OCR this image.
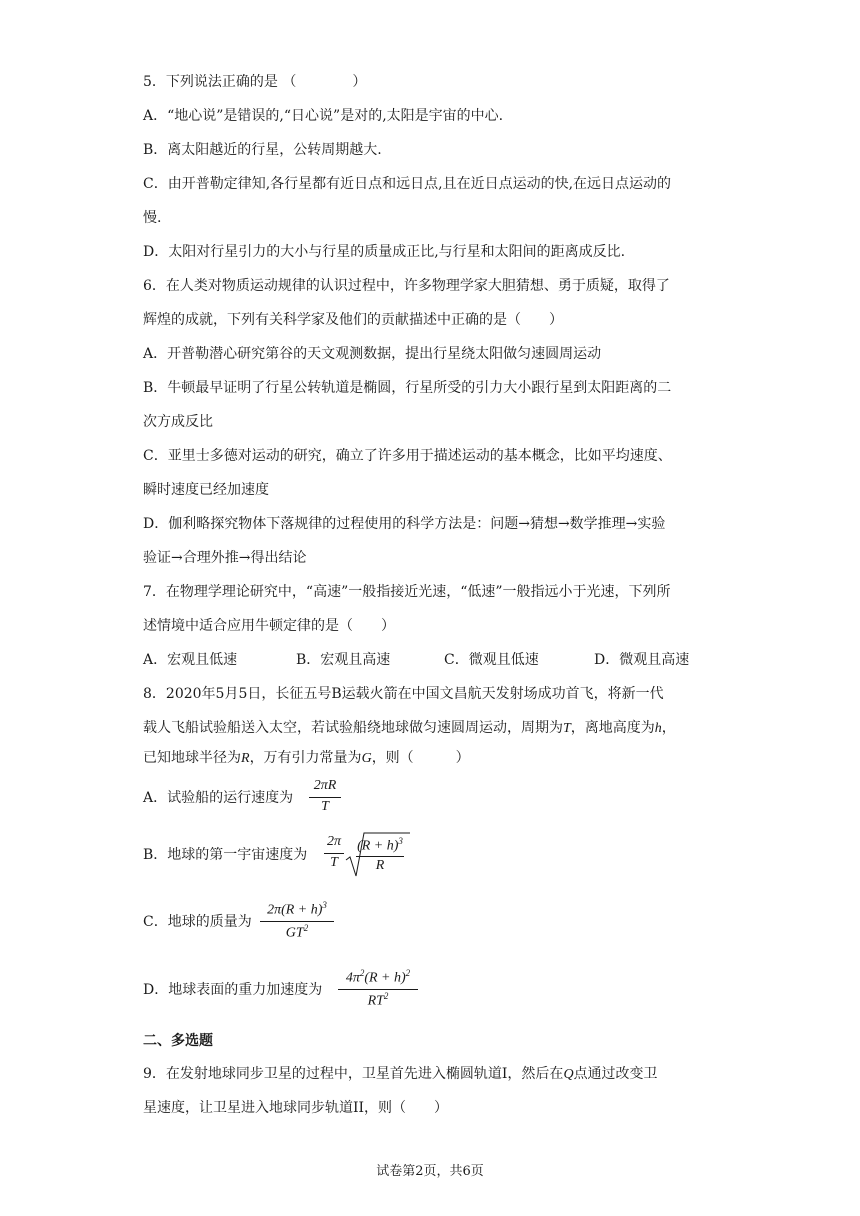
5．下列说法正确的是 （　　　　）
A．“地心说”是错误的,“日心说”是对的,太阳是宇宙的中心.
B．离太阳越近的行星，公转周期越大.
C．由开普勒定律知,各行星都有近日点和远日点,且在近日点运动的快,在远日点运动的
慢.
D．太阳对行星引力的大小与行星的质量成正比,与行星和太阳间的距离成反比.
6．在人类对物质运动规律的认识过程中，许多物理学家大胆猜想、勇于质疑，取得了
辉煌的成就，下列有关科学家及他们的贡献描述中正确的是（　　）
A．开普勒潜心研究第谷的天文观测数据，提出行星绕太阳做匀速圆周运动
B．牛顿最早证明了行星公转轨道是椭圆，行星所受的引力大小跟行星到太阳距离的二
次方成反比
C．亚里士多德对运动的研究，确立了许多用于描述运动的基本概念，比如平均速度、
瞬时速度已经加速度
D．伽利略探究物体下落规律的过程使用的科学方法是：问题→猜想→数学推理→实验
验证→合理外推→得出结论
7．在物理学理论研究中，“高速”一般指接近光速，“低速”一般指远小于光速，下列所
述情境中适合应用牛顿定律的是（　　）
A．宏观且低速	B．宏观且高速	C．微观且低速	D．微观且高速
8．2020年5月5日，长征五号B运载火箭在中国文昌航天发射场成功首飞，将新一代
载人飞船试验船送入太空，若试验船绕地球做匀速圆周运动，周期为T，离地高度为h，
已知地球半径为R，万有引力常量为G，则（　　　）
A．试验船的运行速度为
2πR
T
B．地球的第一宇宙速度为
2π
T
$(R + h)^3$
R
C．地球的质量为
$2\pi(R + h)^3$
$GT^2$
D．地球表面的重力加速度为
$4\pi^2(R + h)^2$
$RT^2$
二、多选题
9．在发射地球同步卫星的过程中，卫星首先进入椭圆轨道I，然后在Q点通过改变卫
星速度，让卫星进入地球同步轨道II，则（　　）
试卷第2页，共6页
